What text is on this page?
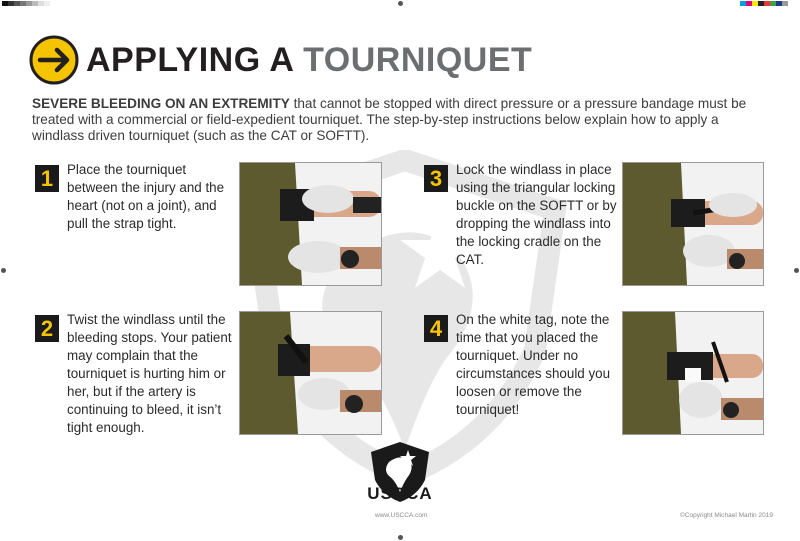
APPLYING A TOURNIQUET
SEVERE BLEEDING ON AN EXTREMITY that cannot be stopped with direct pressure or a pressure bandage must be treated with a commercial or field-expedient tourniquet. The step-by-step instructions below explain how to apply a windlass driven tourniquet (such as the CAT or SOFTT).
1	Place the tourniquet between the injury and the heart (not on a joint), and pull the strap tight.
2	Twist the windlass until the bleeding stops. Your patient may complain that the tourniquet is hurting him or her, but if the artery is continuing to bleed, it isn’t tight enough.
3	Lock the windlass in place using the triangular locking buckle on the SOFTT or by dropping the windlass into the locking cradle on the CAT.
4	On the white tag, note the time that you placed the tourniquet. Under no circumstances should you loosen or remove the tourniquet!
USCCA
www.USCCA.com	©Copyright Michael Martin 2019
